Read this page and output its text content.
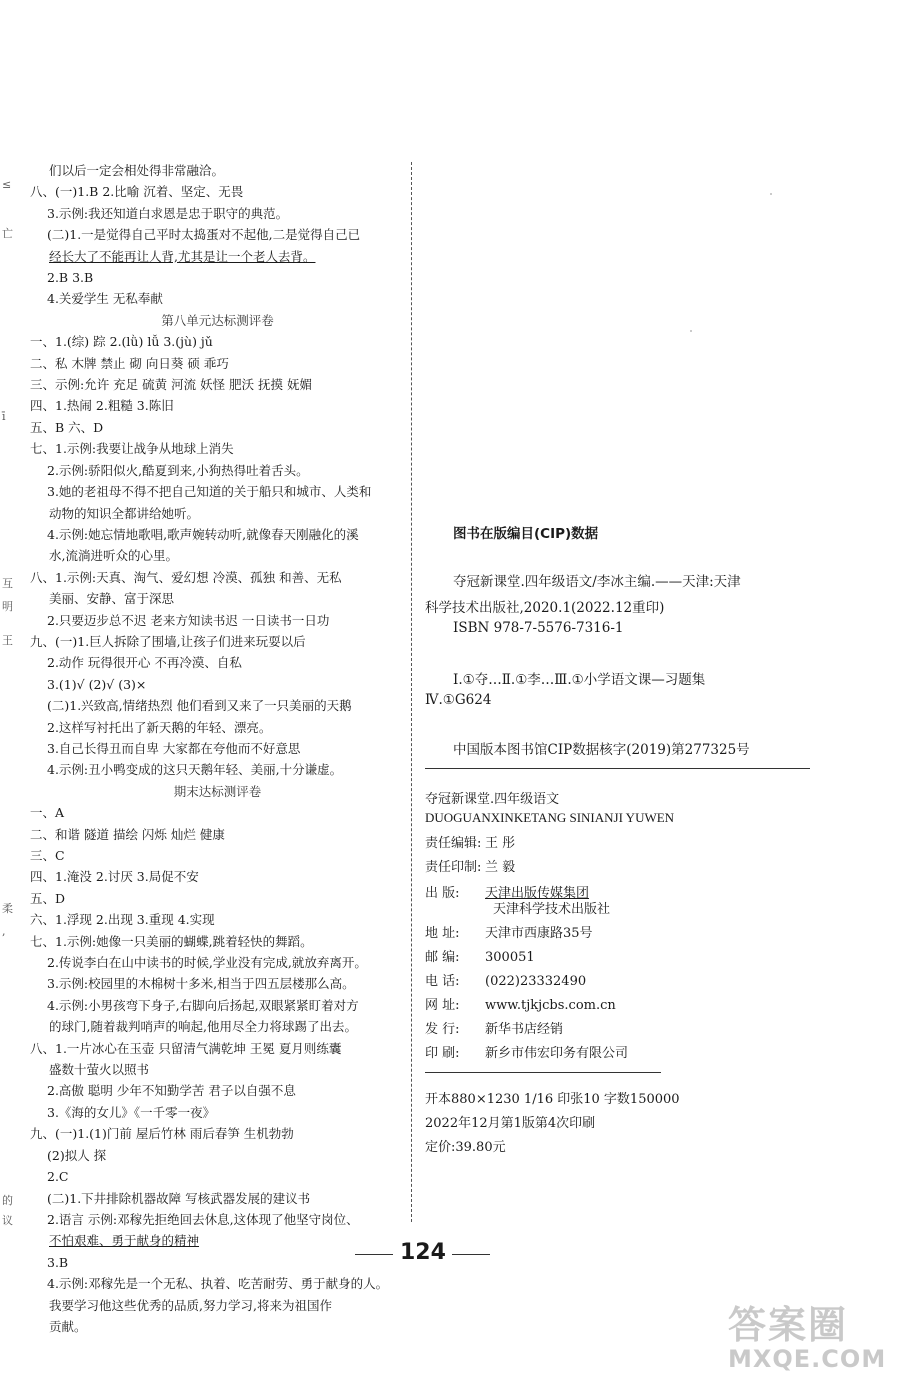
≤
亡
ī
互
明
王
柔
,
的
议
们以后一定会相处得非常融洽。
八、(一)1.B 2.比喻 沉着、坚定、无畏
3.示例:我还知道白求恩是忠于职守的典范。
(二)1.一是觉得自己平时太捣蛋对不起他,二是觉得自己已
经长大了不能再让人背,尤其是让一个老人去背。
2.B 3.B
4.关爱学生 无私奉献
第八单元达标测评卷
一、1.(综) 踪 2.(lǜ) lǚ 3.(jù) jǔ
二、私 木牌 禁止 砌 向日葵 硕 乖巧
三、示例:允许 充足 硫黄 河流 妖怪 肥沃 抚摸 妩媚
四、1.热闹 2.粗糙 3.陈旧
五、B 六、D
七、1.示例:我要让战争从地球上消失
2.示例:骄阳似火,酷夏到来,小狗热得吐着舌头。
3.她的老祖母不得不把自己知道的关于船只和城市、人类和
动物的知识全都讲给她听。
4.示例:她忘情地歌唱,歌声婉转动听,就像春天刚融化的溪
水,流淌进听众的心里。
八、1.示例:天真、淘气、爱幻想 冷漠、孤独 和善、无私
美丽、安静、富于深思
2.只要迈步总不迟 老来方知读书迟 一日读书一日功
九、(一)1.巨人拆除了围墙,让孩子们进来玩耍以后
2.动作 玩得很开心 不再冷漠、自私
3.(1)√ (2)√ (3)×
(二)1.兴致高,情绪热烈 他们看到又来了一只美丽的天鹅
2.这样写衬托出了新天鹅的年轻、漂亮。
3.自己长得丑而自卑 大家都在夸他而不好意思
4.示例:丑小鸭变成的这只天鹅年轻、美丽,十分谦虚。
期末达标测评卷
一、A
二、和谐 隧道 描绘 闪烁 灿烂 健康
三、C
四、1.淹没 2.讨厌 3.局促不安
五、D
六、1.浮现 2.出现 3.重现 4.实现
七、1.示例:她像一只美丽的蝴蝶,跳着轻快的舞蹈。
2.传说李白在山中读书的时候,学业没有完成,就放弃离开。
3.示例:校园里的木棉树十多米,相当于四五层楼那么高。
4.示例:小男孩弯下身子,右脚向后扬起,双眼紧紧盯着对方
的球门,随着裁判哨声的响起,他用尽全力将球踢了出去。
八、1.一片冰心在玉壶 只留清气满乾坤 王冕 夏月则练囊
盛数十萤火以照书
2.高傲 聪明 少年不知勤学苦 君子以自强不息
3.《海的女儿》《一千零一夜》
九、(一)1.(1)门前 屋后竹林 雨后春笋 生机勃勃
(2)拟人 探
2.C
(二)1.下井排除机器故障 写核武器发展的建议书
2.语言 示例:邓稼先拒绝回去休息,这体现了他坚守岗位、
不怕艰难、勇于献身的精神
3.B
4.示例:邓稼先是一个无私、执着、吃苦耐劳、勇于献身的人。
我要学习他这些优秀的品质,努力学习,将来为祖国作
贡献。
图书在版编目(CIP)数据
夺冠新课堂.四年级语文/李冰主编.——天津:天津
科学技术出版社,2020.1(2022.12重印)
ISBN 978-7-5576-7316-1
Ⅰ.①夺…Ⅱ.①李…Ⅲ.①小学语文课—习题集
Ⅳ.①G624
中国版本图书馆CIP数据核字(2019)第277325号
夺冠新课堂.四年级语文
DUOGUANXINKETANG SINIANJI YUWEN
责任编辑: 王 彤
责任印制: 兰 毅
出 版: 天津出版传媒集团
天津科学技术出版社
地 址: 天津市西康路35号
邮 编: 300051
电 话: (022)23332490
网 址: www.tjkjcbs.com.cn
发 行: 新华书店经销
印 刷: 新乡市伟宏印务有限公司
开本880×1230 1/16 印张10 字数150000
2022年12月第1版第4次印刷
定价:39.80元
124
答案圈
MXQE.COM
